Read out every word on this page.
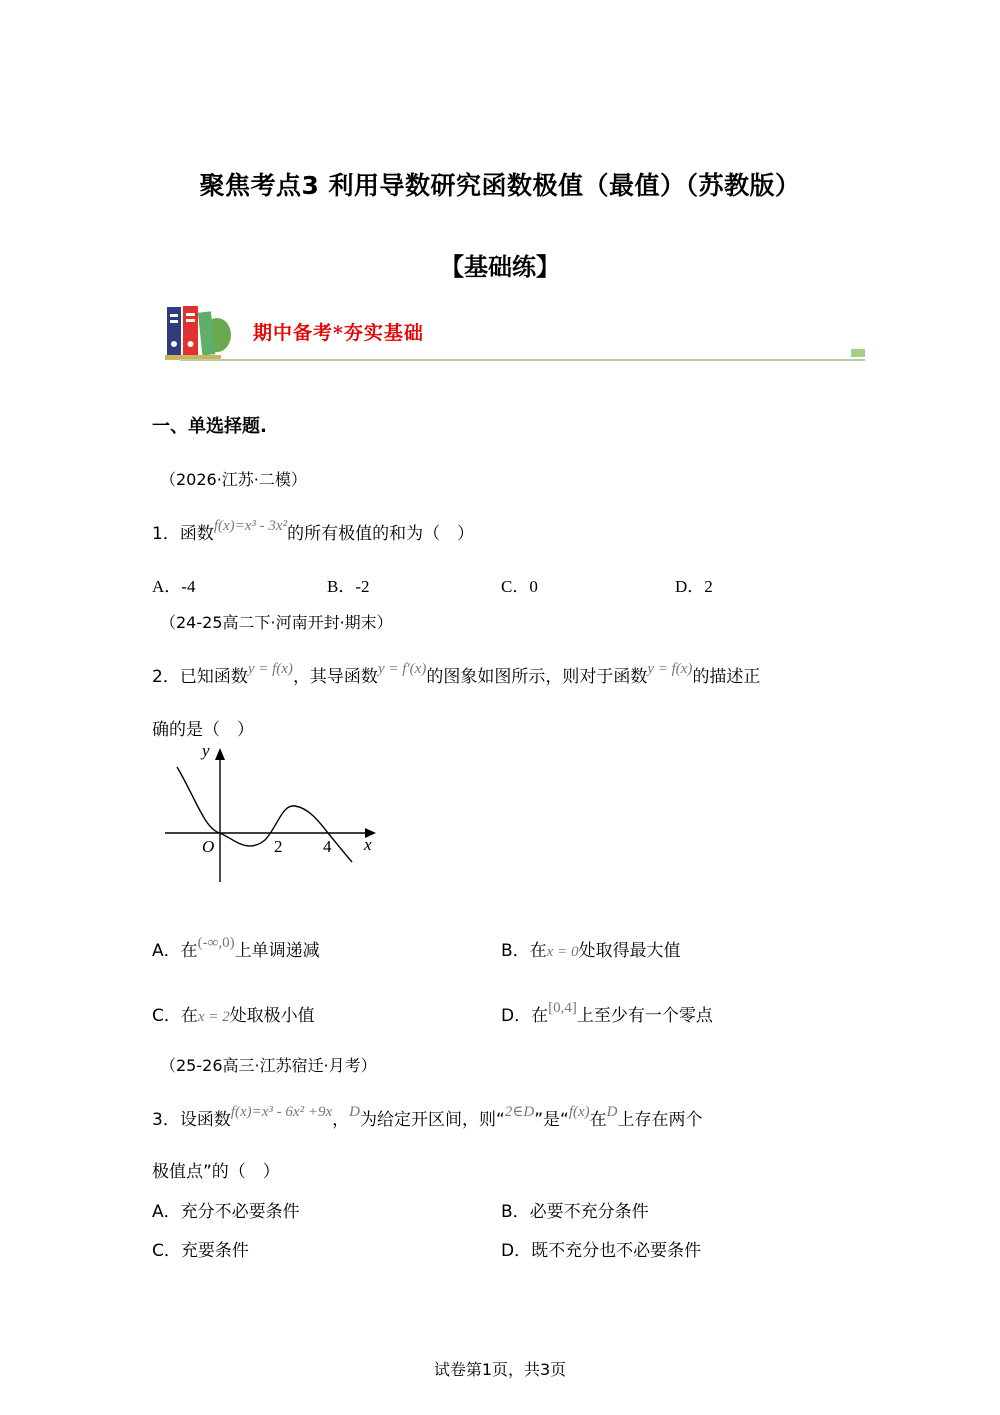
聚焦考点3 利用导数研究函数极值（最值）（苏教版）
【基础练】
期中备考*夯实基础
一、单选择题.
（2026·江苏·二模）
1．函数f(x)=x³ - 3x²的所有极值的和为（　）
A．-4	B．-2	C．0	D．2
（24-25高二下·河南开封·期末）
2．已知函数y = f(x)，其导函数y = f′(x)的图象如图所示，则对于函数y = f(x)的描述正
确的是（　）
y
x
O	2 4
A．在(-∞,0)上单调递减	B．在x = 0处取得最大值
C．在x = 2处取极小值	D．在[0,4]上至少有一个零点
（25-26高三·江苏宿迁·月考）
3．设函数f(x)=x³ - 6x² +9x，D为给定开区间，则“2∈D”是“f(x)在D上存在两个
极值点”的（　）
A．充分不必要条件	B．必要不充分条件
C．充要条件	D．既不充分也不必要条件
试卷第1页，共3页
